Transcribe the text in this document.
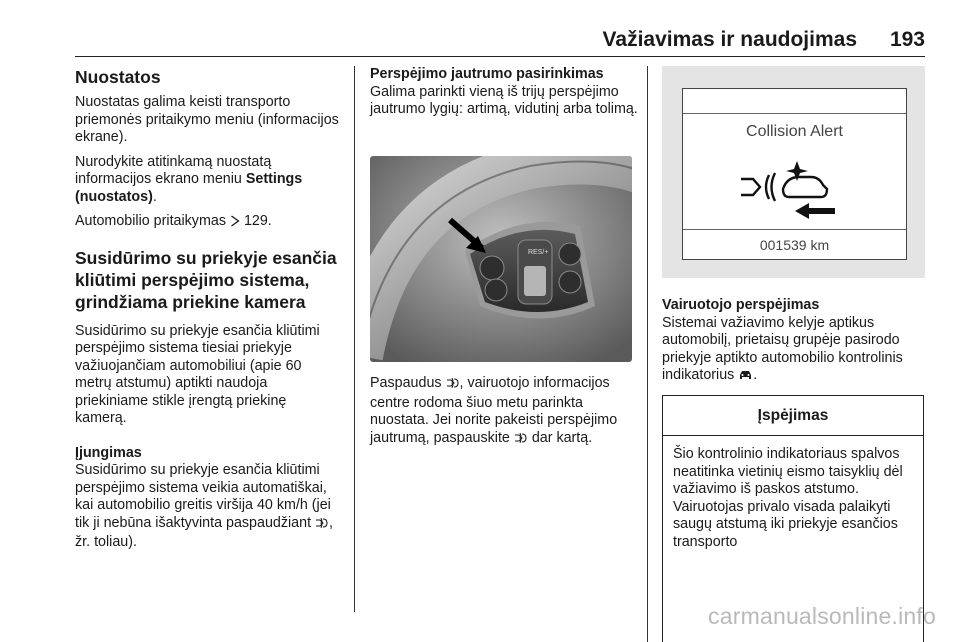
Važiavimas ir naudojimas 193
Nuostatos

Nuostatas galima keisti transporto priemonės pritaikymo meniu (informacijos ekrane).

Nurodykite atitinkamą nuostatą informacijos ekrano meniu Settings (nuostatos).

Automobilio pritaikymas  129.

Susidūrimo su priekyje esančia kliūtimi perspėjimo sistema, grindžiama priekine kamera

Susidūrimo su priekyje esančia kliūtimi perspėjimo sistema tiesiai priekyje važiuojančiam automobiliui (apie 60 metrų atstumu) aptikti naudoja priekiniame stikle įrengtą priekinę kamerą.

Įjungimas

Susidūrimo su priekyje esančia kliūtimi perspėjimo sistema veikia automatiškai, kai automobilio greitis viršija 40 km/h (jei tik ji nebūna išaktyvinta paspaudžiant , žr. toliau).

Perspėjimo jautrumo pasirinkimas

Galima parinkti vieną iš trijų perspėjimo jautrumo lygių: artimą, vidutinį arba tolimą.

RES/+

Paspaudus , vairuotojo informacijos centre rodoma šiuo metu parinkta nuostata. Jei norite pakeisti perspėjimo jautrumą, paspauskite  dar kartą.

Collision Alert
001539 km

Vairuotojo perspėjimas

Sistemai važiavimo kelyje aptikus automobilį, prietaisų grupėje pasirodo priekyje aptikto automobilio kontrolinis indikatorius .

Įspėjimas
Šio kontrolinio indikatoriaus spalvos neatitinka vietinių eismo taisyklių dėl važiavimo iš paskos atstumo. Vairuotojas privalo visada palaikyti saugų atstumą iki priekyje esančios transporto
carmanualsonline.info
